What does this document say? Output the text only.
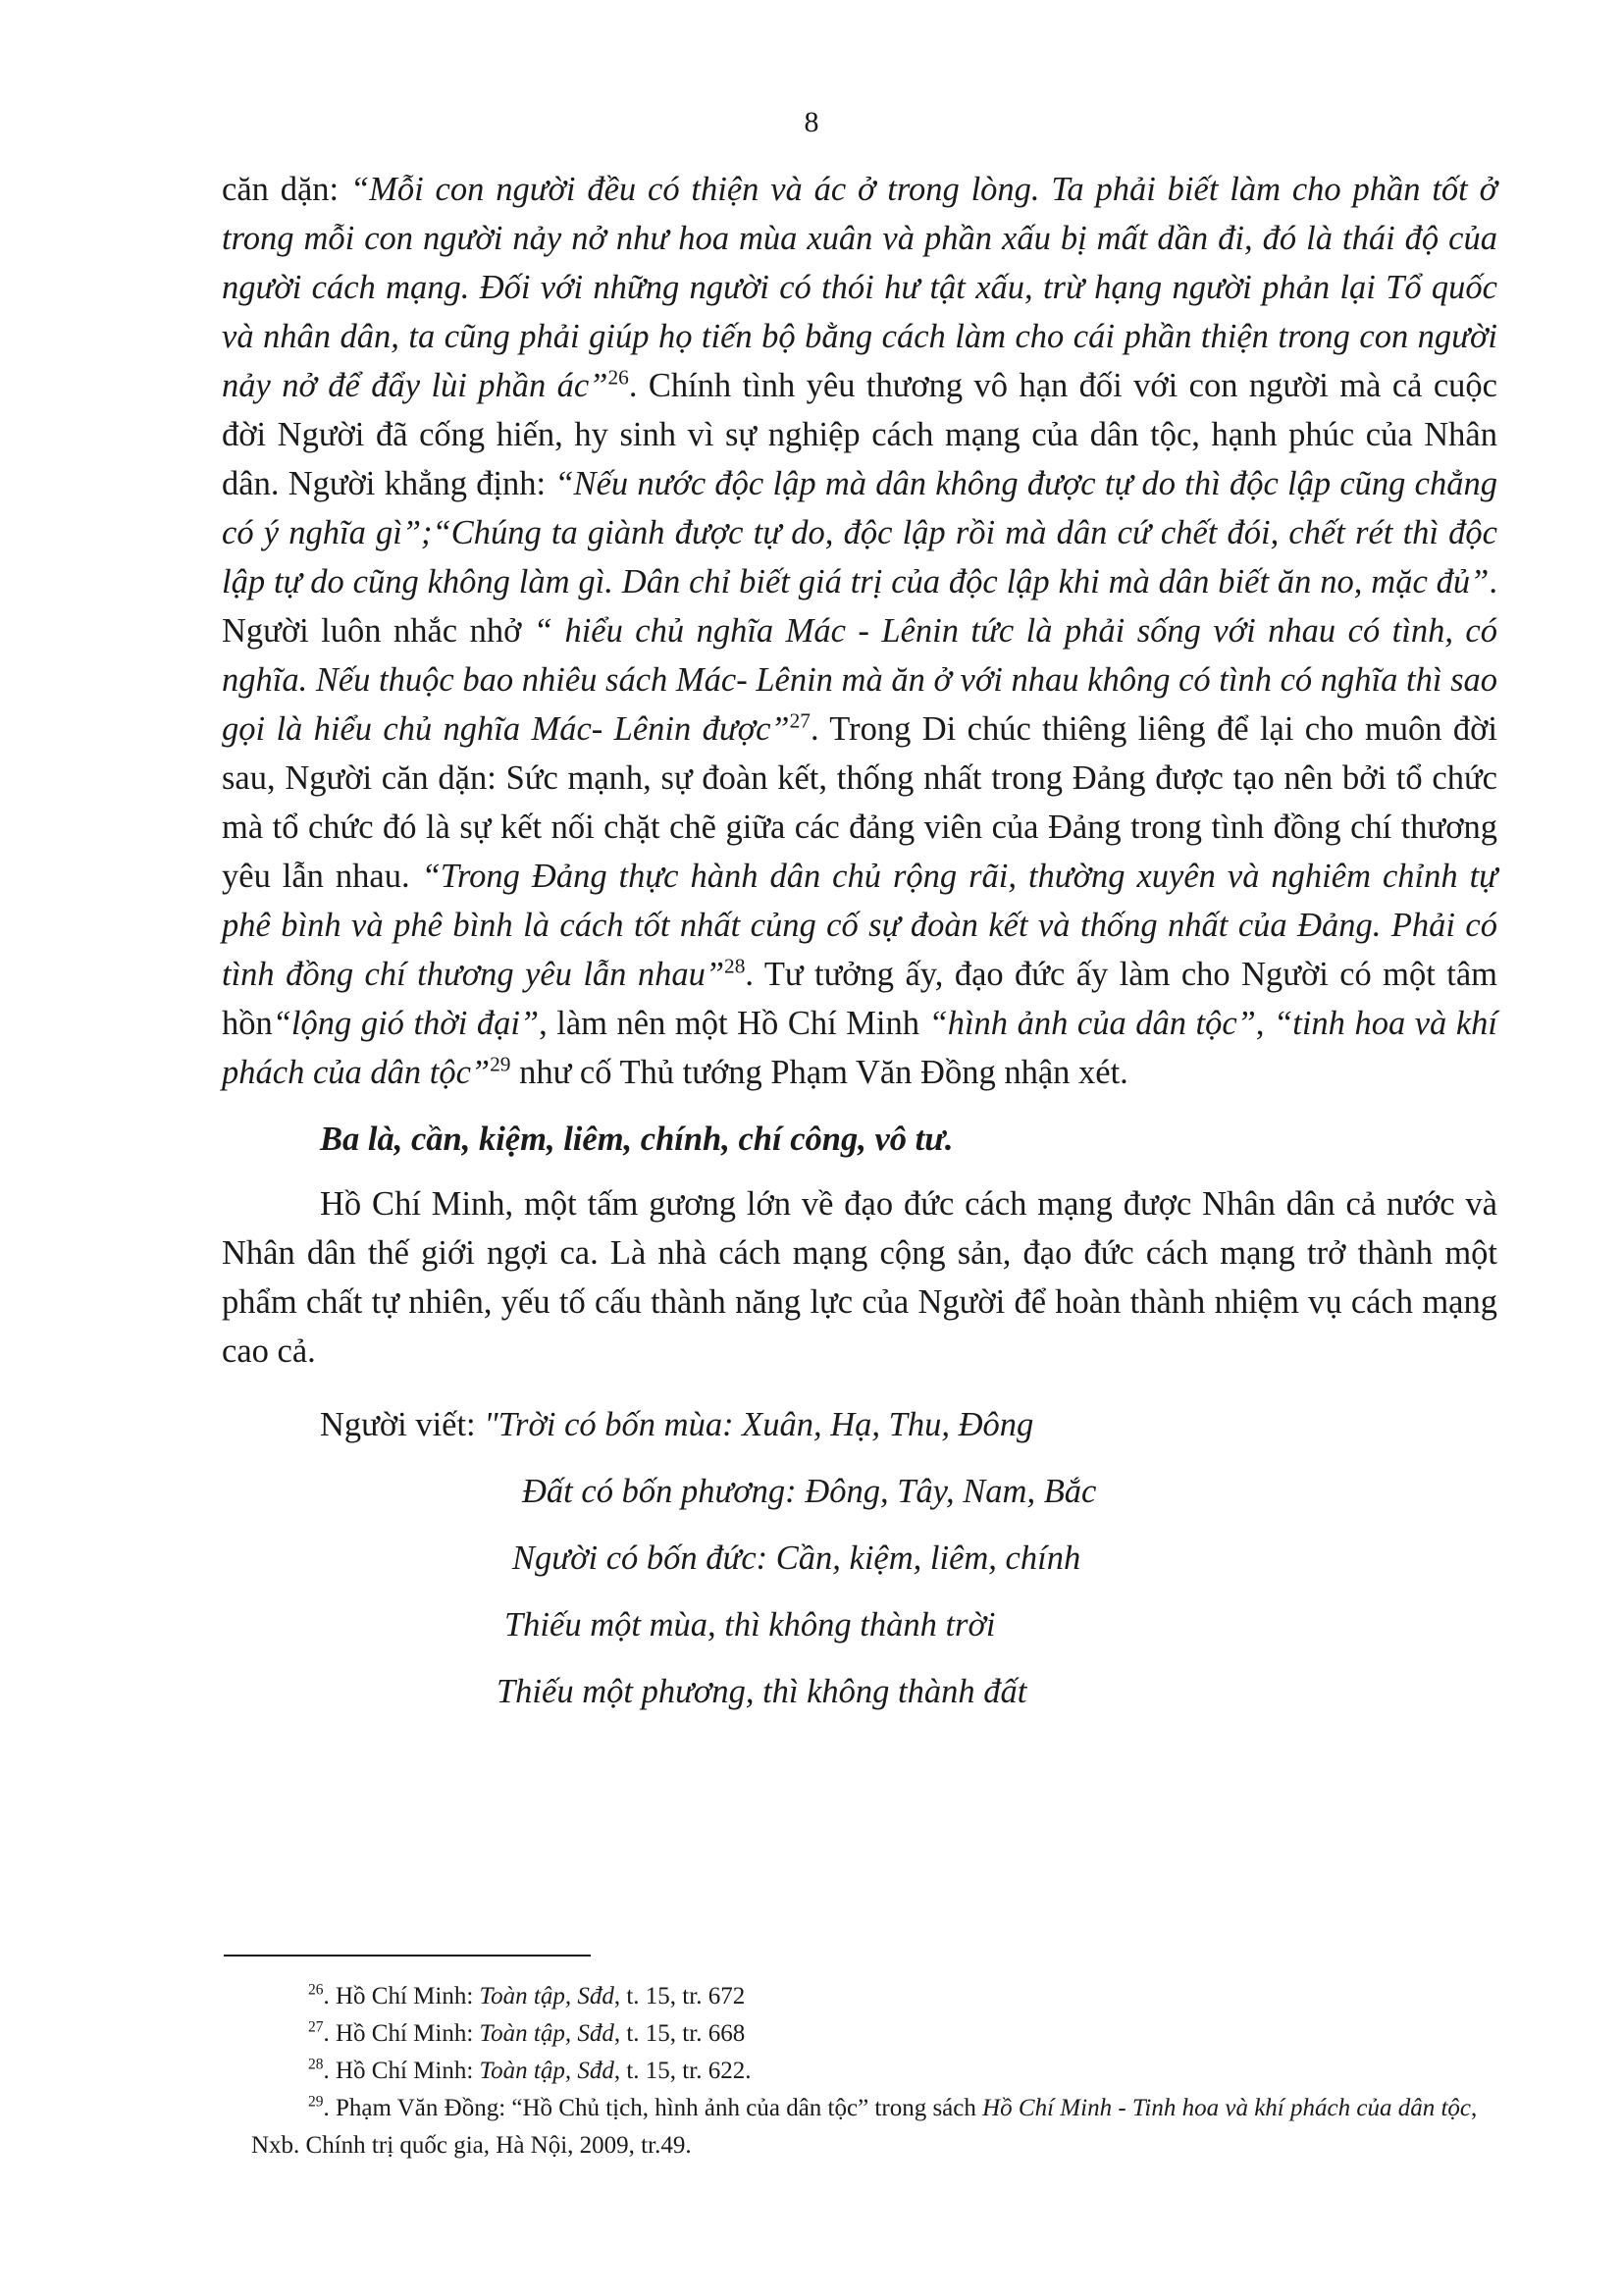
8

căn dặn: “Mỗi con người đều có thiện và ác ở trong lòng. Ta phải biết làm cho phần tốt ở trong mỗi con người nảy nở như hoa mùa xuân và phần xấu bị mất dần đi, đó là thái độ của người cách mạng. Đối với những người có thói hư tật xấu, trừ hạng người phản lại Tổ quốc và nhân dân, ta cũng phải giúp họ tiến bộ bằng cách làm cho cái phần thiện trong con người nảy nở để đẩy lùi phần ác”$^{26}$. Chính tình yêu thương vô hạn đối với con người mà cả cuộc đời Người đã cống hiến, hy sinh vì sự nghiệp cách mạng của dân tộc, hạnh phúc của Nhân dân. Người khẳng định: “Nếu nước độc lập mà dân không được tự do thì độc lập cũng chẳng có ý nghĩa gì”;“Chúng ta giành được tự do, độc lập rồi mà dân cứ chết đói, chết rét thì độc lập tự do cũng không làm gì. Dân chỉ biết giá trị của độc lập khi mà dân biết ăn no, mặc đủ”. Người luôn nhắc nhở “ hiểu chủ nghĩa Mác - Lênin tức là phải sống với nhau có tình, có nghĩa. Nếu thuộc bao nhiêu sách Mác- Lênin mà ăn ở với nhau không có tình có nghĩa thì sao gọi là hiểu chủ nghĩa Mác- Lênin được”$^{27}$. Trong Di chúc thiêng liêng để lại cho muôn đời sau, Người căn dặn: Sức mạnh, sự đoàn kết, thống nhất trong Đảng được tạo nên bởi tổ chức mà tổ chức đó là sự kết nối chặt chẽ giữa các đảng viên của Đảng trong tình đồng chí thương yêu lẫn nhau. “Trong Đảng thực hành dân chủ rộng rãi, thường xuyên và nghiêm chỉnh tự phê bình và phê bình là cách tốt nhất củng cố sự đoàn kết và thống nhất của Đảng. Phải có tình đồng chí thương yêu lẫn nhau”$^{28}$. Tư tưởng ấy, đạo đức ấy làm cho Người có một tâm hồn“lộng gió thời đại”, làm nên một Hồ Chí Minh “hình ảnh của dân tộc”, “tinh hoa và khí phách của dân tộc”$^{29}$ như cố Thủ tướng Phạm Văn Đồng nhận xét.

Ba là, cần, kiệm, liêm, chính, chí công, vô tư.

Hồ Chí Minh, một tấm gương lớn về đạo đức cách mạng được Nhân dân cả nước và Nhân dân thế giới ngợi ca. Là nhà cách mạng cộng sản, đạo đức cách mạng trở thành một phẩm chất tự nhiên, yếu tố cấu thành năng lực của Người để hoàn thành nhiệm vụ cách mạng cao cả.

Người viết: "Trời có bốn mùa: Xuân, Hạ, Thu, Đông
Đất có bốn phương: Đông, Tây, Nam, Bắc
Người có bốn đức: Cần, kiệm, liêm, chính
Thiếu một mùa, thì không thành trời
Thiếu một phương, thì không thành đất

$^{26}$. Hồ Chí Minh: Toàn tập, Sđd, t. 15, tr. 672

$^{27}$. Hồ Chí Minh: Toàn tập, Sđd, t. 15, tr. 668

$^{28}$. Hồ Chí Minh: Toàn tập, Sđd, t. 15, tr. 622.

$^{29}$. Phạm Văn Đồng: “Hồ Chủ tịch, hình ảnh của dân tộc” trong sách Hồ Chí Minh - Tinh hoa và khí phách của dân tộc, Nxb. Chính trị quốc gia, Hà Nội, 2009, tr.49.
